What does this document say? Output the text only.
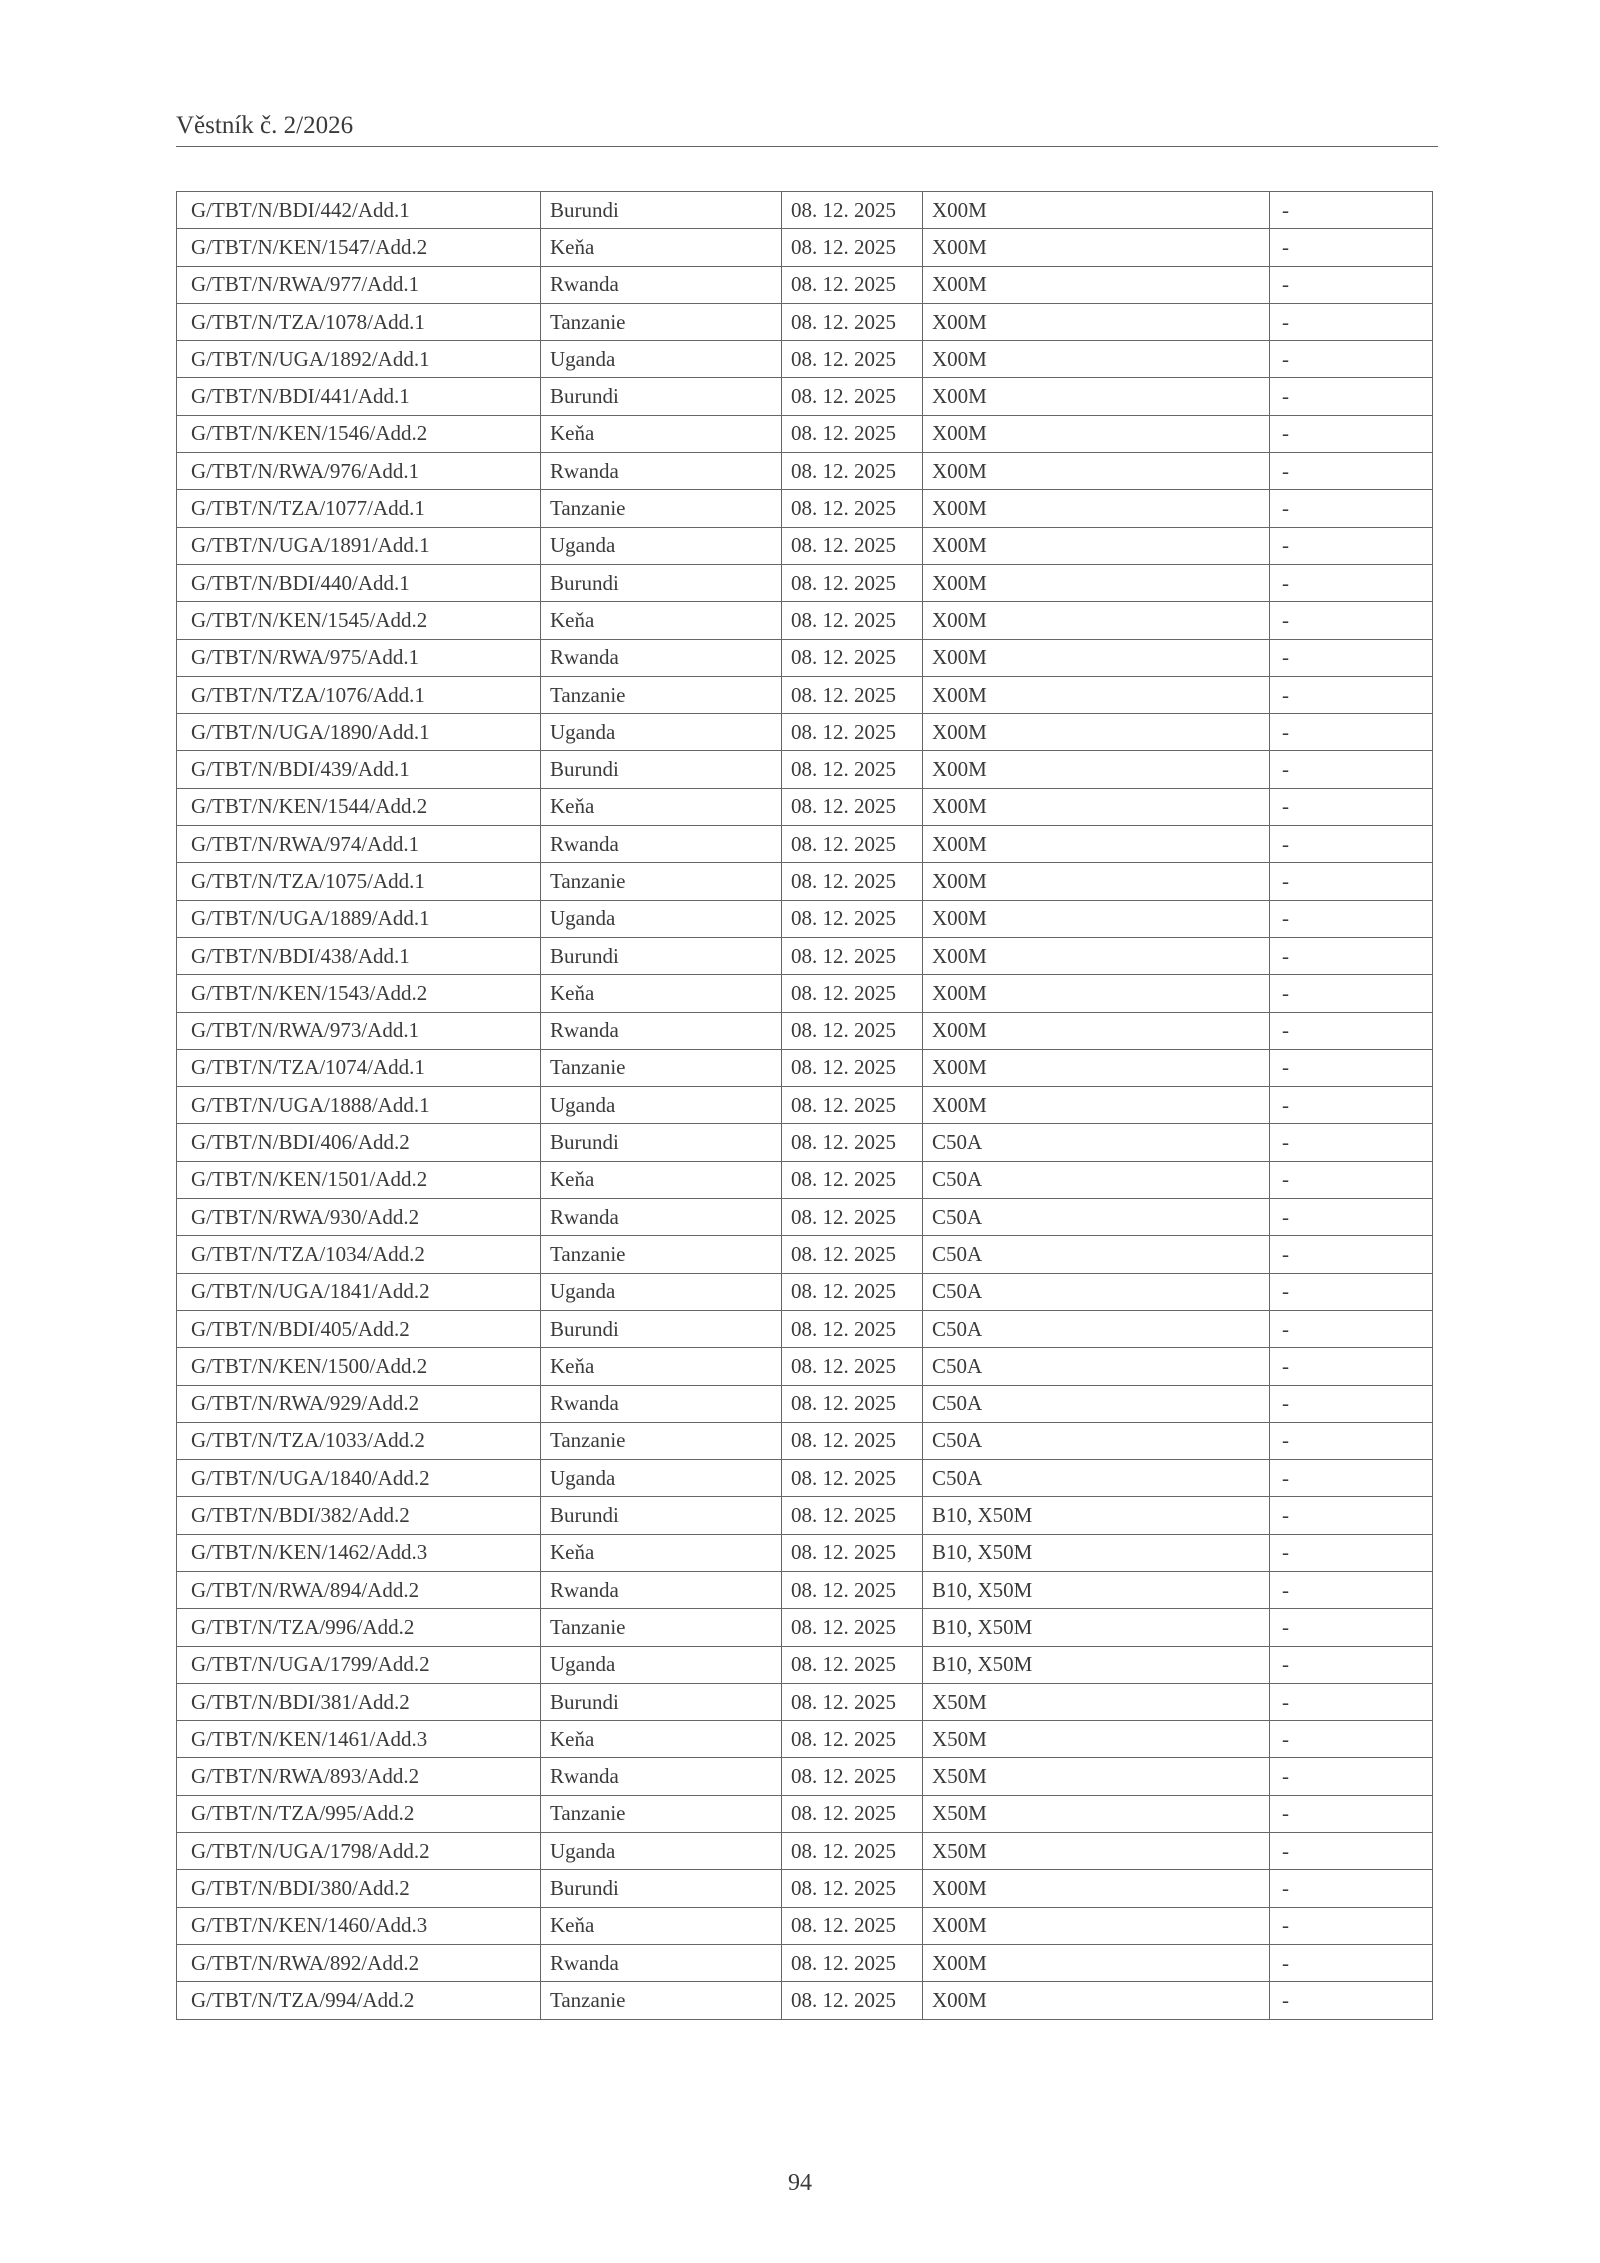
Věstník č. 2/2026
G/TBT/N/BDI/442/Add.1	Burundi	08. 12. 2025	X00M	-
G/TBT/N/KEN/1547/Add.2	Keňa	08. 12. 2025	X00M	-
G/TBT/N/RWA/977/Add.1	Rwanda	08. 12. 2025	X00M	-
G/TBT/N/TZA/1078/Add.1	Tanzanie	08. 12. 2025	X00M	-
G/TBT/N/UGA/1892/Add.1	Uganda	08. 12. 2025	X00M	-
G/TBT/N/BDI/441/Add.1	Burundi	08. 12. 2025	X00M	-
G/TBT/N/KEN/1546/Add.2	Keňa	08. 12. 2025	X00M	-
G/TBT/N/RWA/976/Add.1	Rwanda	08. 12. 2025	X00M	-
G/TBT/N/TZA/1077/Add.1	Tanzanie	08. 12. 2025	X00M	-
G/TBT/N/UGA/1891/Add.1	Uganda	08. 12. 2025	X00M	-
G/TBT/N/BDI/440/Add.1	Burundi	08. 12. 2025	X00M	-
G/TBT/N/KEN/1545/Add.2	Keňa	08. 12. 2025	X00M	-
G/TBT/N/RWA/975/Add.1	Rwanda	08. 12. 2025	X00M	-
G/TBT/N/TZA/1076/Add.1	Tanzanie	08. 12. 2025	X00M	-
G/TBT/N/UGA/1890/Add.1	Uganda	08. 12. 2025	X00M	-
G/TBT/N/BDI/439/Add.1	Burundi	08. 12. 2025	X00M	-
G/TBT/N/KEN/1544/Add.2	Keňa	08. 12. 2025	X00M	-
G/TBT/N/RWA/974/Add.1	Rwanda	08. 12. 2025	X00M	-
G/TBT/N/TZA/1075/Add.1	Tanzanie	08. 12. 2025	X00M	-
G/TBT/N/UGA/1889/Add.1	Uganda	08. 12. 2025	X00M	-
G/TBT/N/BDI/438/Add.1	Burundi	08. 12. 2025	X00M	-
G/TBT/N/KEN/1543/Add.2	Keňa	08. 12. 2025	X00M	-
G/TBT/N/RWA/973/Add.1	Rwanda	08. 12. 2025	X00M	-
G/TBT/N/TZA/1074/Add.1	Tanzanie	08. 12. 2025	X00M	-
G/TBT/N/UGA/1888/Add.1	Uganda	08. 12. 2025	X00M	-
G/TBT/N/BDI/406/Add.2	Burundi	08. 12. 2025	C50A	-
G/TBT/N/KEN/1501/Add.2	Keňa	08. 12. 2025	C50A	-
G/TBT/N/RWA/930/Add.2	Rwanda	08. 12. 2025	C50A	-
G/TBT/N/TZA/1034/Add.2	Tanzanie	08. 12. 2025	C50A	-
G/TBT/N/UGA/1841/Add.2	Uganda	08. 12. 2025	C50A	-
G/TBT/N/BDI/405/Add.2	Burundi	08. 12. 2025	C50A	-
G/TBT/N/KEN/1500/Add.2	Keňa	08. 12. 2025	C50A	-
G/TBT/N/RWA/929/Add.2	Rwanda	08. 12. 2025	C50A	-
G/TBT/N/TZA/1033/Add.2	Tanzanie	08. 12. 2025	C50A	-
G/TBT/N/UGA/1840/Add.2	Uganda	08. 12. 2025	C50A	-
G/TBT/N/BDI/382/Add.2	Burundi	08. 12. 2025	B10, X50M	-
G/TBT/N/KEN/1462/Add.3	Keňa	08. 12. 2025	B10, X50M	-
G/TBT/N/RWA/894/Add.2	Rwanda	08. 12. 2025	B10, X50M	-
G/TBT/N/TZA/996/Add.2	Tanzanie	08. 12. 2025	B10, X50M	-
G/TBT/N/UGA/1799/Add.2	Uganda	08. 12. 2025	B10, X50M	-
G/TBT/N/BDI/381/Add.2	Burundi	08. 12. 2025	X50M	-
G/TBT/N/KEN/1461/Add.3	Keňa	08. 12. 2025	X50M	-
G/TBT/N/RWA/893/Add.2	Rwanda	08. 12. 2025	X50M	-
G/TBT/N/TZA/995/Add.2	Tanzanie	08. 12. 2025	X50M	-
G/TBT/N/UGA/1798/Add.2	Uganda	08. 12. 2025	X50M	-
G/TBT/N/BDI/380/Add.2	Burundi	08. 12. 2025	X00M	-
G/TBT/N/KEN/1460/Add.3	Keňa	08. 12. 2025	X00M	-
G/TBT/N/RWA/892/Add.2	Rwanda	08. 12. 2025	X00M	-
G/TBT/N/TZA/994/Add.2	Tanzanie	08. 12. 2025	X00M	-
94
